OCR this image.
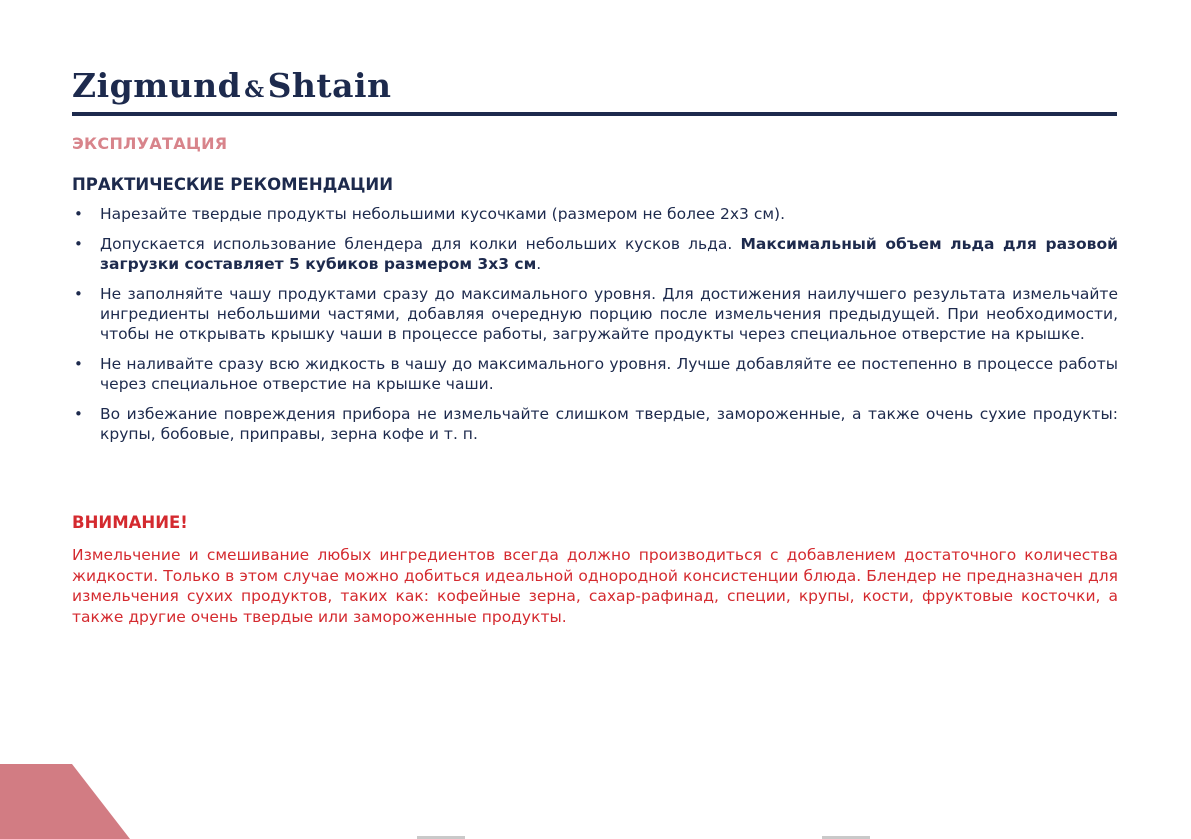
Zigmund &Shtain
ЭКСПЛУАТАЦИЯ
ПРАКТИЧЕСКИЕ РЕКОМЕНДАЦИИ
• Нарезайте твердые продукты небольшими кусочками (размером не более 2х3 см).
• Допускается использование блендера для колки небольших кусков льда. Максимальный объем льда для разовой загрузки составляет 5 кубиков размером 3х3 см.
• Не заполняйте чашу продуктами сразу до максимального уровня. Для достижения наилучшего результата измельчайте ингредиенты небольшими частями, добавляя очередную порцию после измельчения предыдущей. При необходимости, чтобы не открывать крышку чаши в процессе работы, загружайте продукты через специальное отверстие на крышке.
• Не наливайте сразу всю жидкость в чашу до максимального уровня. Лучше добавляйте ее постепенно в процессе работы через специальное отверстие на крышке чаши.
• Во избежание повреждения прибора не измельчайте слишком твердые, замороженные, а также очень сухие продукты: крупы, бобовые, приправы, зерна кофе и т. п.
ВНИМАНИЕ!

Измельчение и смешивание любых ингредиентов всегда должно производиться с добавлением достаточного количества жидкости. Только в этом случае можно добиться идеальной однородной консистенции блюда. Блендер не предназначен для измельчения сухих продуктов, таких как: кофейные зерна, сахар-рафинад, специи, крупы, кости, фруктовые косточки, а также другие очень твердые или замороженные продукты.
